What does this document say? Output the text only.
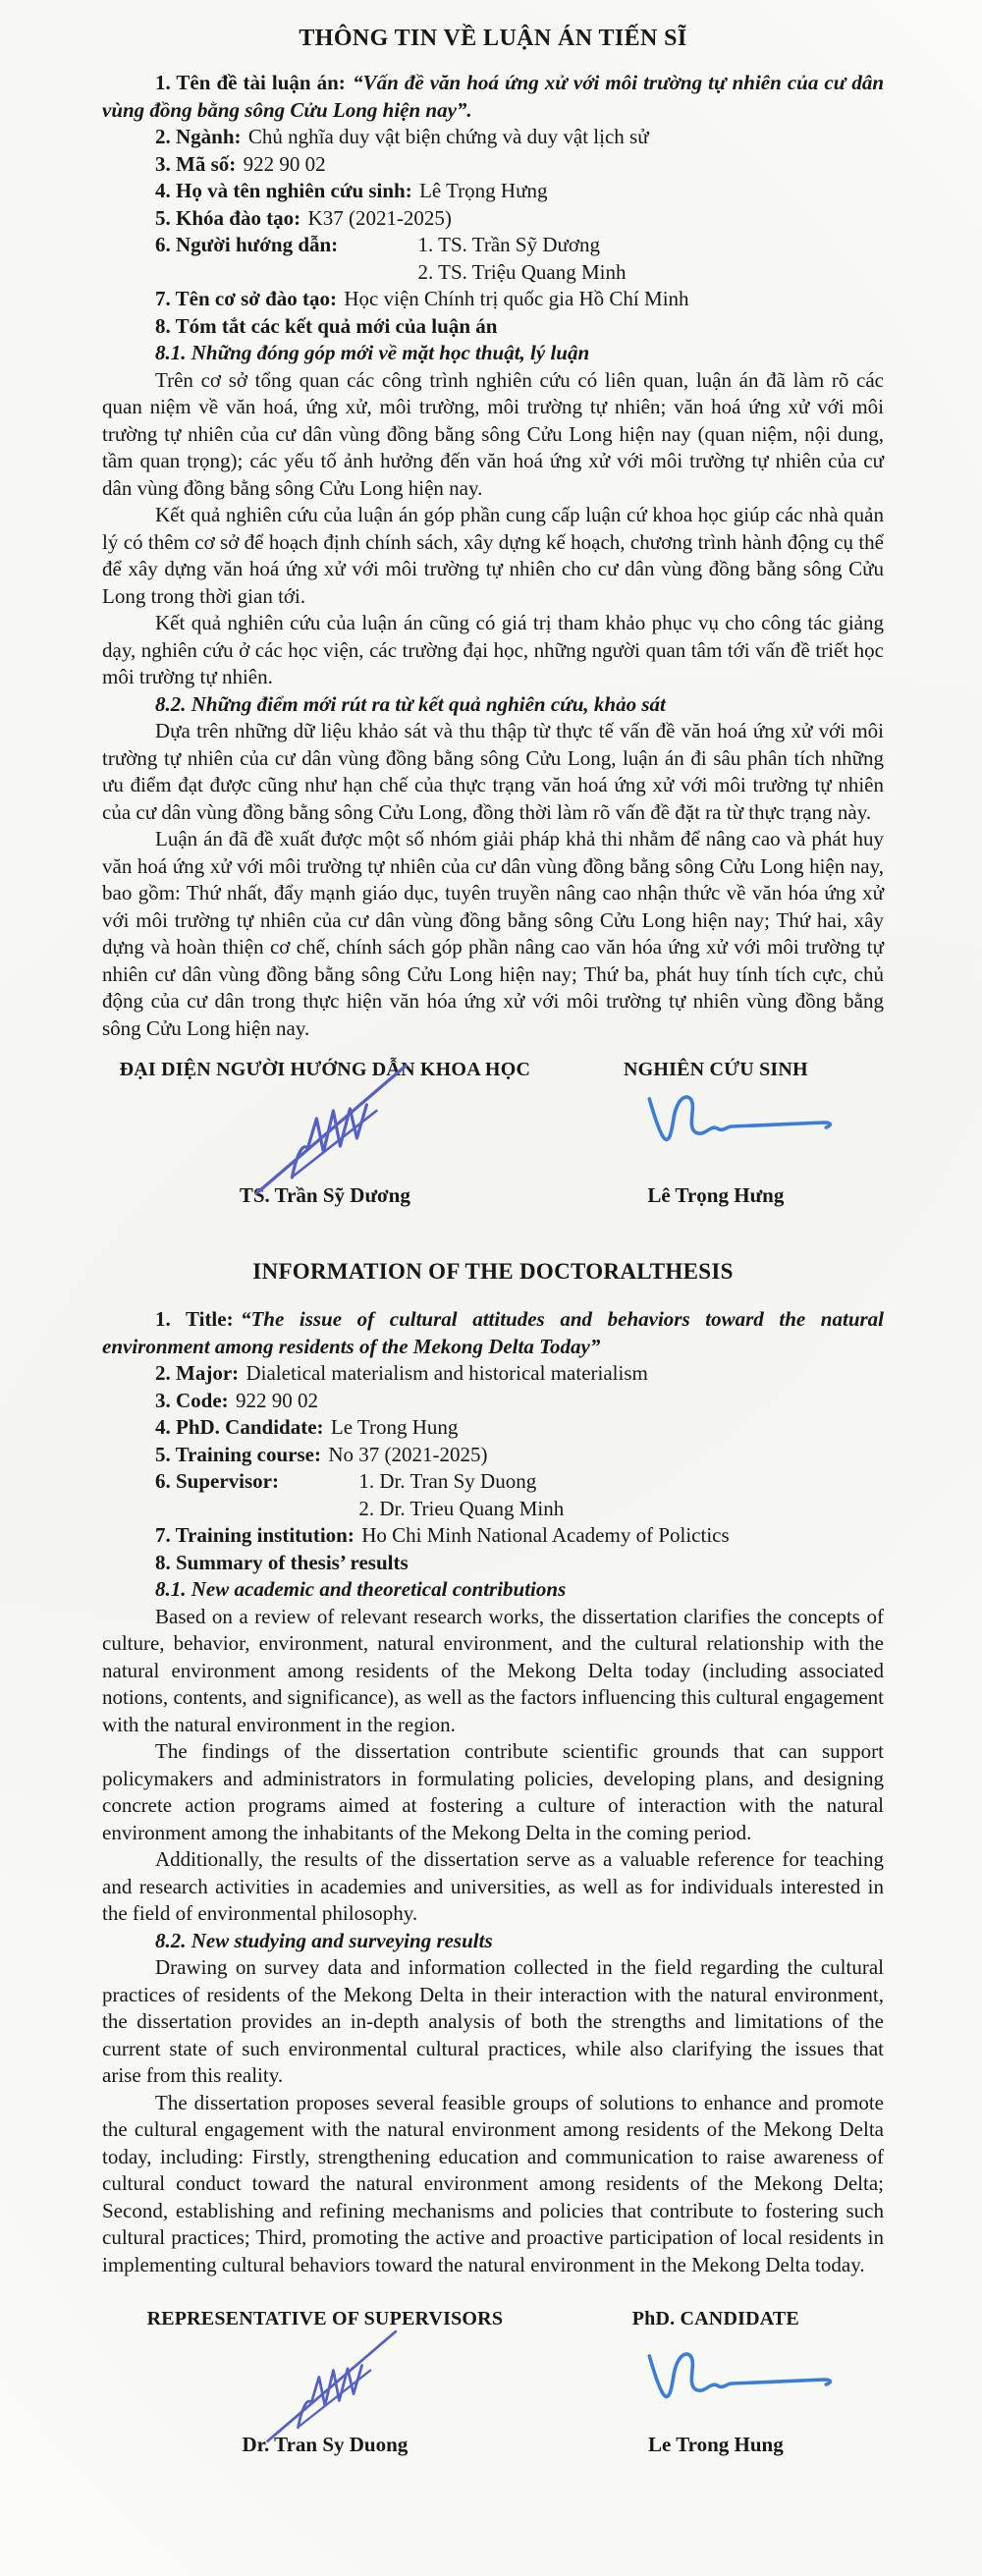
THÔNG TIN VỀ LUẬN ÁN TIẾN SĨ

1. Tên đề tài luận án: “Vấn đề văn hoá ứng xử với môi trường tự nhiên của cư dân vùng đồng bằng sông Cửu Long hiện nay”.

2. Ngành: Chủ nghĩa duy vật biện chứng và duy vật lịch sử

3. Mã số: 922 90 02

4. Họ và tên nghiên cứu sinh: Lê Trọng Hưng

5. Khóa đào tạo: K37 (2021-2025)

6. Người hướng dẫn:	1. TS. Trần Sỹ Dương
2. TS. Triệu Quang Minh

7. Tên cơ sở đào tạo: Học viện Chính trị quốc gia Hồ Chí Minh

8. Tóm tắt các kết quả mới của luận án

8.1. Những đóng góp mới về mặt học thuật, lý luận

Trên cơ sở tổng quan các công trình nghiên cứu có liên quan, luận án đã làm rõ các quan niệm về văn hoá, ứng xử, môi trường, môi trường tự nhiên; văn hoá ứng xử với môi trường tự nhiên của cư dân vùng đồng bằng sông Cửu Long hiện nay (quan niệm, nội dung, tầm quan trọng); các yếu tố ảnh hưởng đến văn hoá ứng xử với môi trường tự nhiên của cư dân vùng đồng bằng sông Cửu Long hiện nay.

Kết quả nghiên cứu của luận án góp phần cung cấp luận cứ khoa học giúp các nhà quản lý có thêm cơ sở để hoạch định chính sách, xây dựng kế hoạch, chương trình hành động cụ thể để xây dựng văn hoá ứng xử với môi trường tự nhiên cho cư dân vùng đồng bằng sông Cửu Long trong thời gian tới.

Kết quả nghiên cứu của luận án cũng có giá trị tham khảo phục vụ cho công tác giảng dạy, nghiên cứu ở các học viện, các trường đại học, những người quan tâm tới vấn đề triết học môi trường tự nhiên.

8.2. Những điểm mới rút ra từ kết quả nghiên cứu, khảo sát

Dựa trên những dữ liệu khảo sát và thu thập từ thực tế vấn đề văn hoá ứng xử với môi trường tự nhiên của cư dân vùng đồng bằng sông Cửu Long, luận án đi sâu phân tích những ưu điểm đạt được cũng như hạn chế của thực trạng văn hoá ứng xử với môi trường tự nhiên của cư dân vùng đồng bằng sông Cửu Long, đồng thời làm rõ vấn đề đặt ra từ thực trạng này.

Luận án đã đề xuất được một số nhóm giải pháp khả thi nhằm để nâng cao và phát huy văn hoá ứng xử với môi trường tự nhiên của cư dân vùng đồng bằng sông Cửu Long hiện nay, bao gồm: Thứ nhất, đẩy mạnh giáo dục, tuyên truyền nâng cao nhận thức về văn hóa ứng xử với môi trường tự nhiên của cư dân vùng đồng bằng sông Cửu Long hiện nay; Thứ hai, xây dựng và hoàn thiện cơ chế, chính sách góp phần nâng cao văn hóa ứng xử với môi trường tự nhiên cư dân vùng đồng bằng sông Cửu Long hiện nay; Thứ ba, phát huy tính tích cực, chủ động của cư dân trong thực hiện văn hóa ứng xử với môi trường tự nhiên vùng đồng bằng sông Cửu Long hiện nay.

ĐẠI DIỆN NGƯỜI HƯỚNG DẪN KHOA HỌC	NGHIÊN CỨU SINH
TS. Trần Sỹ Dương	Lê Trọng Hưng
INFORMATION OF THE DOCTORALTHESIS

1. Title: “The issue of cultural attitudes and behaviors toward the natural environment among residents of the Mekong Delta Today”

2. Major: Dialetical materialism and historical materialism

3. Code: 922 90 02

4. PhD. Candidate: Le Trong Hung

5. Training course: No 37 (2021-2025)

6. Supervisor:	1. Dr. Tran Sy Duong
2. Dr. Trieu Quang Minh

7. Training institution: Ho Chi Minh National Academy of Polictics

8. Summary of thesis’ results

8.1. New academic and theoretical contributions

Based on a review of relevant research works, the dissertation clarifies the concepts of culture, behavior, environment, natural environment, and the cultural relationship with the natural environment among residents of the Mekong Delta today (including associated notions, contents, and significance), as well as the factors influencing this cultural engagement with the natural environment in the region.

The findings of the dissertation contribute scientific grounds that can support policymakers and administrators in formulating policies, developing plans, and designing concrete action programs aimed at fostering a culture of interaction with the natural environment among the inhabitants of the Mekong Delta in the coming period.

Additionally, the results of the dissertation serve as a valuable reference for teaching and research activities in academies and universities, as well as for individuals interested in the field of environmental philosophy.

8.2. New studying and surveying results

Drawing on survey data and information collected in the field regarding the cultural practices of residents of the Mekong Delta in their interaction with the natural environment, the dissertation provides an in-depth analysis of both the strengths and limitations of the current state of such environmental cultural practices, while also clarifying the issues that arise from this reality.

The dissertation proposes several feasible groups of solutions to enhance and promote the cultural engagement with the natural environment among residents of the Mekong Delta today, including: Firstly, strengthening education and communication to raise awareness of cultural conduct toward the natural environment among residents of the Mekong Delta; Second, establishing and refining mechanisms and policies that contribute to fostering such cultural practices; Third, promoting the active and proactive participation of local residents in implementing cultural behaviors toward the natural environment in the Mekong Delta today.

REPRESENTATIVE OF SUPERVISORS	PhD. CANDIDATE
Dr. Tran Sy Duong	Le Trong Hung
